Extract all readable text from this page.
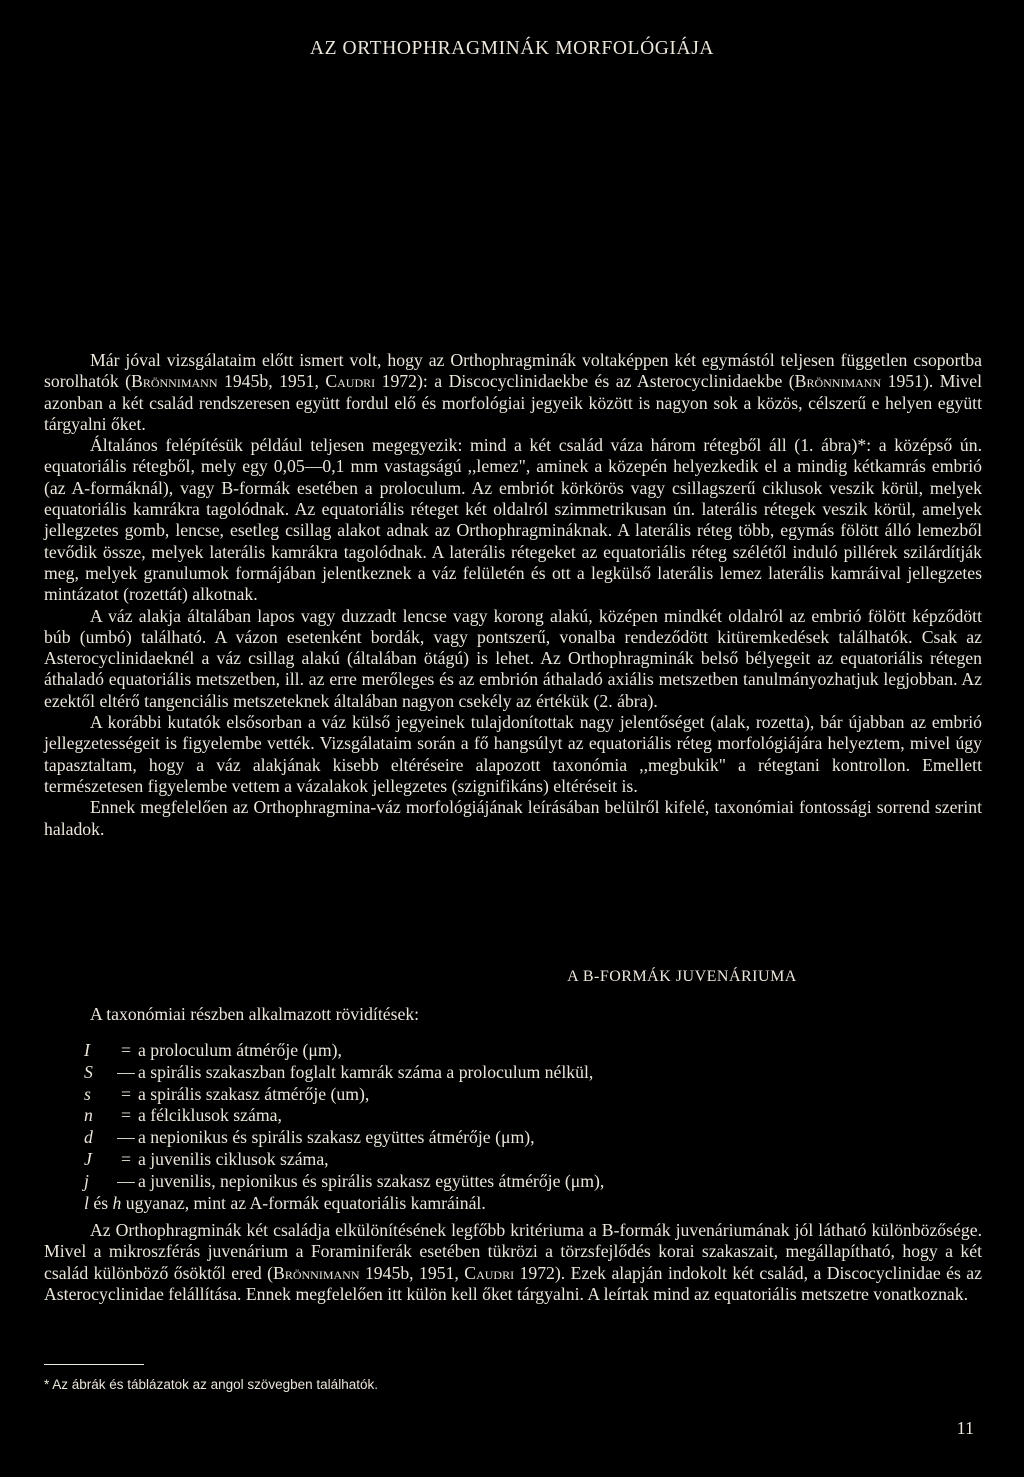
AZ ORTHOPHRAGMINÁK MORFOLÓGIÁJA

Már jóval vizsgálataim előtt ismert volt, hogy az Orthophragminák voltaképpen két egymástól teljesen független csoportba sorolhatók (Brönnimann 1945b, 1951, Caudri 1972): a Discocyclinidaekbe és az Asterocyclinidaekbe (Brönnimann 1951). Mivel azonban a két család rendszeresen együtt fordul elő és morfológiai jegyeik között is nagyon sok a közös, célszerű e helyen együtt tárgyalni őket.

Általános felépítésük például teljesen megegyezik: mind a két család váza három rétegből áll (1. ábra)*: a középső ún. equatoriális rétegből, mely egy 0,05—0,1 mm vastagságú ,,lemez", aminek a közepén helyezkedik el a mindig kétkamrás embrió (az A-formáknál), vagy B-formák esetében a proloculum. Az embriót körkörös vagy csillagszerű ciklusok veszik körül, melyek equatoriális kamrákra tagolódnak. Az equatoriális réteget két oldalról szimmetrikusan ún. laterális rétegek veszik körül, amelyek jellegzetes gomb, lencse, esetleg csillag alakot adnak az Orthophragmináknak. A laterális réteg több, egymás fölött álló lemezből tevődik össze, melyek laterális kamrákra tagolódnak. A laterális rétegeket az equatoriális réteg szélétől induló pillérek szilárdítják meg, melyek granulumok formájában jelentkeznek a váz felületén és ott a legkülső laterális lemez laterális kamráival jellegzetes mintázatot (rozettát) alkotnak.

A váz alakja általában lapos vagy duzzadt lencse vagy korong alakú, középen mindkét oldalról az embrió fölött képződött búb (umbó) található. A vázon esetenként bordák, vagy pontszerű, vonalba rendeződött kitüremkedések találhatók. Csak az Asterocyclinidaeknél a váz csillag alakú (általában ötágú) is lehet. Az Orthophragminák belső bélyegeit az equatoriális rétegen áthaladó equatoriális metszetben, ill. az erre merőleges és az embrión áthaladó axiális metszetben tanulmányozhatjuk legjobban. Az ezektől eltérő tangenciális metszeteknek általában nagyon csekély az értékük (2. ábra).

A korábbi kutatók elsősorban a váz külső jegyeinek tulajdonítottak nagy jelentőséget (alak, rozetta), bár újabban az embrió jellegzetességeit is figyelembe vették. Vizsgálataim során a fő hangsúlyt az equatoriális réteg morfológiájára helyeztem, mivel úgy tapasztaltam, hogy a váz alakjának kisebb eltéréseire alapozott taxonómia ,,megbukik" a rétegtani kontrollon. Emellett természetesen figyelembe vettem a vázalakok jellegzetes (szignifikáns) eltéréseit is.

Ennek megfelelően az Orthophragmina-váz morfológiájának leírásában belülről kifelé, taxonómiai fontossági sorrend szerint haladok.

A B-FORMÁK JUVENÁRIUMA
A taxonómiai részben alkalmazott rövidítések:
I	= a proloculum átmérője (μm),
S	— a spirális szakaszban foglalt kamrák száma a proloculum nélkül,
s	= a spirális szakasz átmérője (um),
n	= a félciklusok száma,
d	— a nepionikus és spirális szakasz együttes átmérője (μm),
J	= a juvenilis ciklusok száma,
j	— a juvenilis, nepionikus és spirális szakasz együttes átmérője (μm),
l és h ugyanaz, mint az A-formák equatoriális kamráinál.

Az Orthophragminák két családja elkülönítésének legfőbb kritériuma a B-formák juvenáriumának jól látható különbözősége. Mivel a mikroszférás juvenárium a Foraminiferák esetében tükrözi a törzsfejlődés korai szakaszait, megállapítható, hogy a két család különböző ősöktől ered (Brönnimann 1945b, 1951, Caudri 1972). Ezek alapján indokolt két család, a Discocyclinidae és az Asterocyclinidae felállítása. Ennek megfelelően itt külön kell őket tárgyalni. A leírtak mind az equatoriális metszetre vonatkoznak.

* Az ábrák és táblázatok az angol szövegben találhatók.
11
